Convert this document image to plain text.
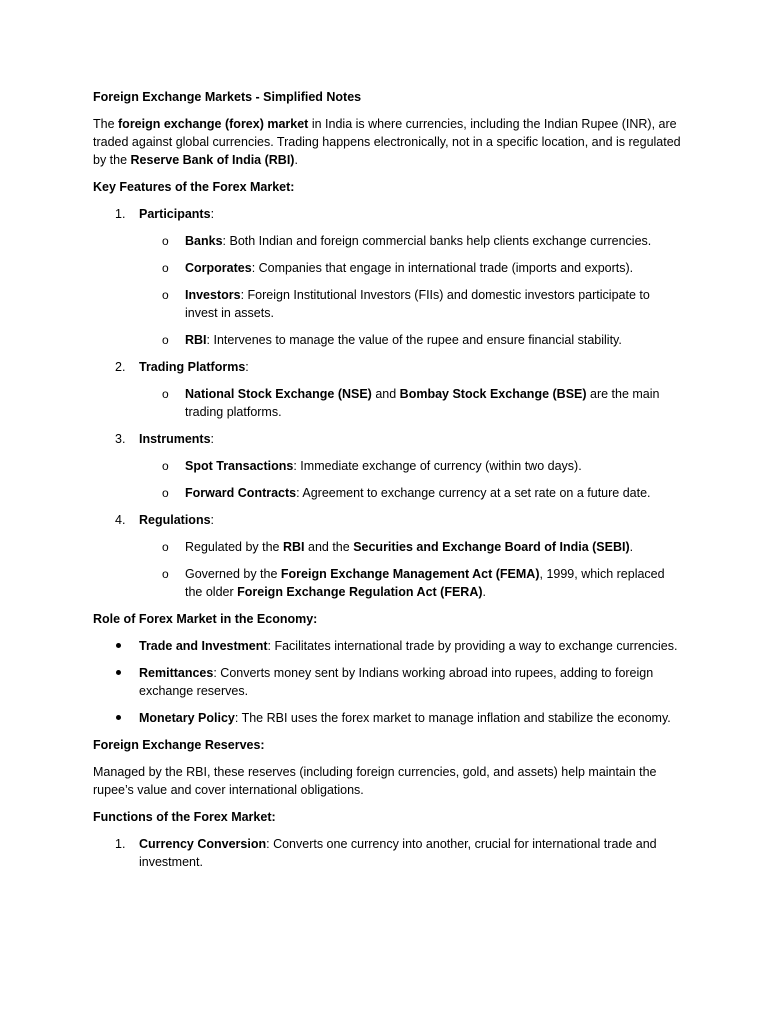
Foreign Exchange Markets - Simplified Notes

The foreign exchange (forex) market in India is where currencies, including the Indian Rupee (INR), are traded against global currencies. Trading happens electronically, not in a specific location, and is regulated by the Reserve Bank of India (RBI).

Key Features of the Forex Market:
1. Participants:
o Banks: Both Indian and foreign commercial banks help clients exchange currencies.
o Corporates: Companies that engage in international trade (imports and exports).
o Investors: Foreign Institutional Investors (FIIs) and domestic investors participate to invest in assets.
o RBI: Intervenes to manage the value of the rupee and ensure financial stability.
2. Trading Platforms:
o National Stock Exchange (NSE) and Bombay Stock Exchange (BSE) are the main trading platforms.
3. Instruments:
o Spot Transactions: Immediate exchange of currency (within two days).
o Forward Contracts: Agreement to exchange currency at a set rate on a future date.
4. Regulations:
o Regulated by the RBI and the Securities and Exchange Board of India (SEBI).
o Governed by the Foreign Exchange Management Act (FEMA), 1999, which replaced the older Foreign Exchange Regulation Act (FERA).
Role of Forex Market in the Economy:
Trade and Investment: Facilitates international trade by providing a way to exchange currencies.
Remittances: Converts money sent by Indians working abroad into rupees, adding to foreign exchange reserves.
Monetary Policy: The RBI uses the forex market to manage inflation and stabilize the economy.
Foreign Exchange Reserves:

Managed by the RBI, these reserves (including foreign currencies, gold, and assets) help maintain the rupee’s value and cover international obligations.

Functions of the Forex Market:
1. Currency Conversion: Converts one currency into another, crucial for international trade and investment.
